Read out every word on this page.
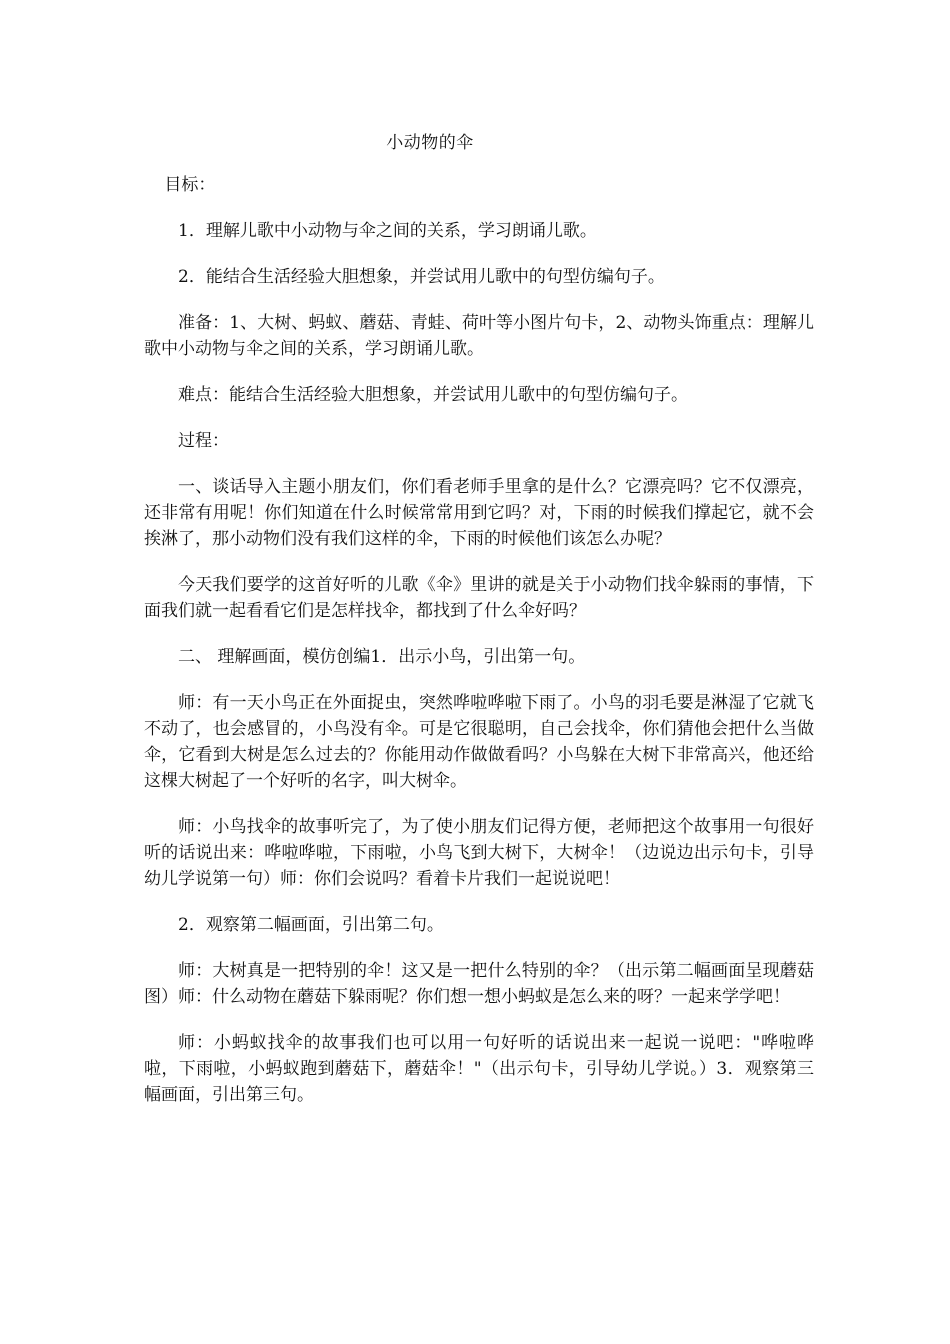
小动物的伞

目标：

1．理解儿歌中小动物与伞之间的关系，学习朗诵儿歌。

2．能结合生活经验大胆想象，并尝试用儿歌中的句型仿编句子。

准备：1、大树、蚂蚁、蘑菇、青蛙、荷叶等小图片句卡，2、动物头饰重点：理解儿歌中小动物与伞之间的关系，学习朗诵儿歌。

难点：能结合生活经验大胆想象，并尝试用儿歌中的句型仿编句子。

过程：

一、谈话导入主题小朋友们，你们看老师手里拿的是什么？它漂亮吗？它不仅漂亮，还非常有用呢！你们知道在什么时候常常用到它吗？对，下雨的时候我们撑起它，就不会挨淋了，那小动物们没有我们这样的伞，下雨的时候他们该怎么办呢？

今天我们要学的这首好听的儿歌《伞》里讲的就是关于小动物们找伞躲雨的事情，下面我们就一起看看它们是怎样找伞，都找到了什么伞好吗？

二、 理解画面，模仿创编1．出示小鸟，引出第一句。

师：有一天小鸟正在外面捉虫，突然哗啦哗啦下雨了。小鸟的羽毛要是淋湿了它就飞不动了，也会感冒的，小鸟没有伞。可是它很聪明，自己会找伞，你们猜他会把什么当做伞，它看到大树是怎么过去的？你能用动作做做看吗？小鸟躲在大树下非常高兴，他还给这棵大树起了一个好听的名字，叫大树伞。

师：小鸟找伞的故事听完了，为了使小朋友们记得方便，老师把这个故事用一句很好听的话说出来：哗啦哗啦，下雨啦，小鸟飞到大树下，大树伞！（边说边出示句卡，引导幼儿学说第一句）师：你们会说吗？看着卡片我们一起说说吧！

2．观察第二幅画面，引出第二句。

师：大树真是一把特别的伞！这又是一把什么特别的伞？（出示第二幅画面呈现蘑菇图）师：什么动物在蘑菇下躲雨呢？你们想一想小蚂蚁是怎么来的呀？一起来学学吧！

师：小蚂蚁找伞的故事我们也可以用一句好听的话说出来一起说一说吧："哗啦哗啦，下雨啦，小蚂蚁跑到蘑菇下，蘑菇伞！"（出示句卡，引导幼儿学说。）3．观察第三幅画面，引出第三句。
